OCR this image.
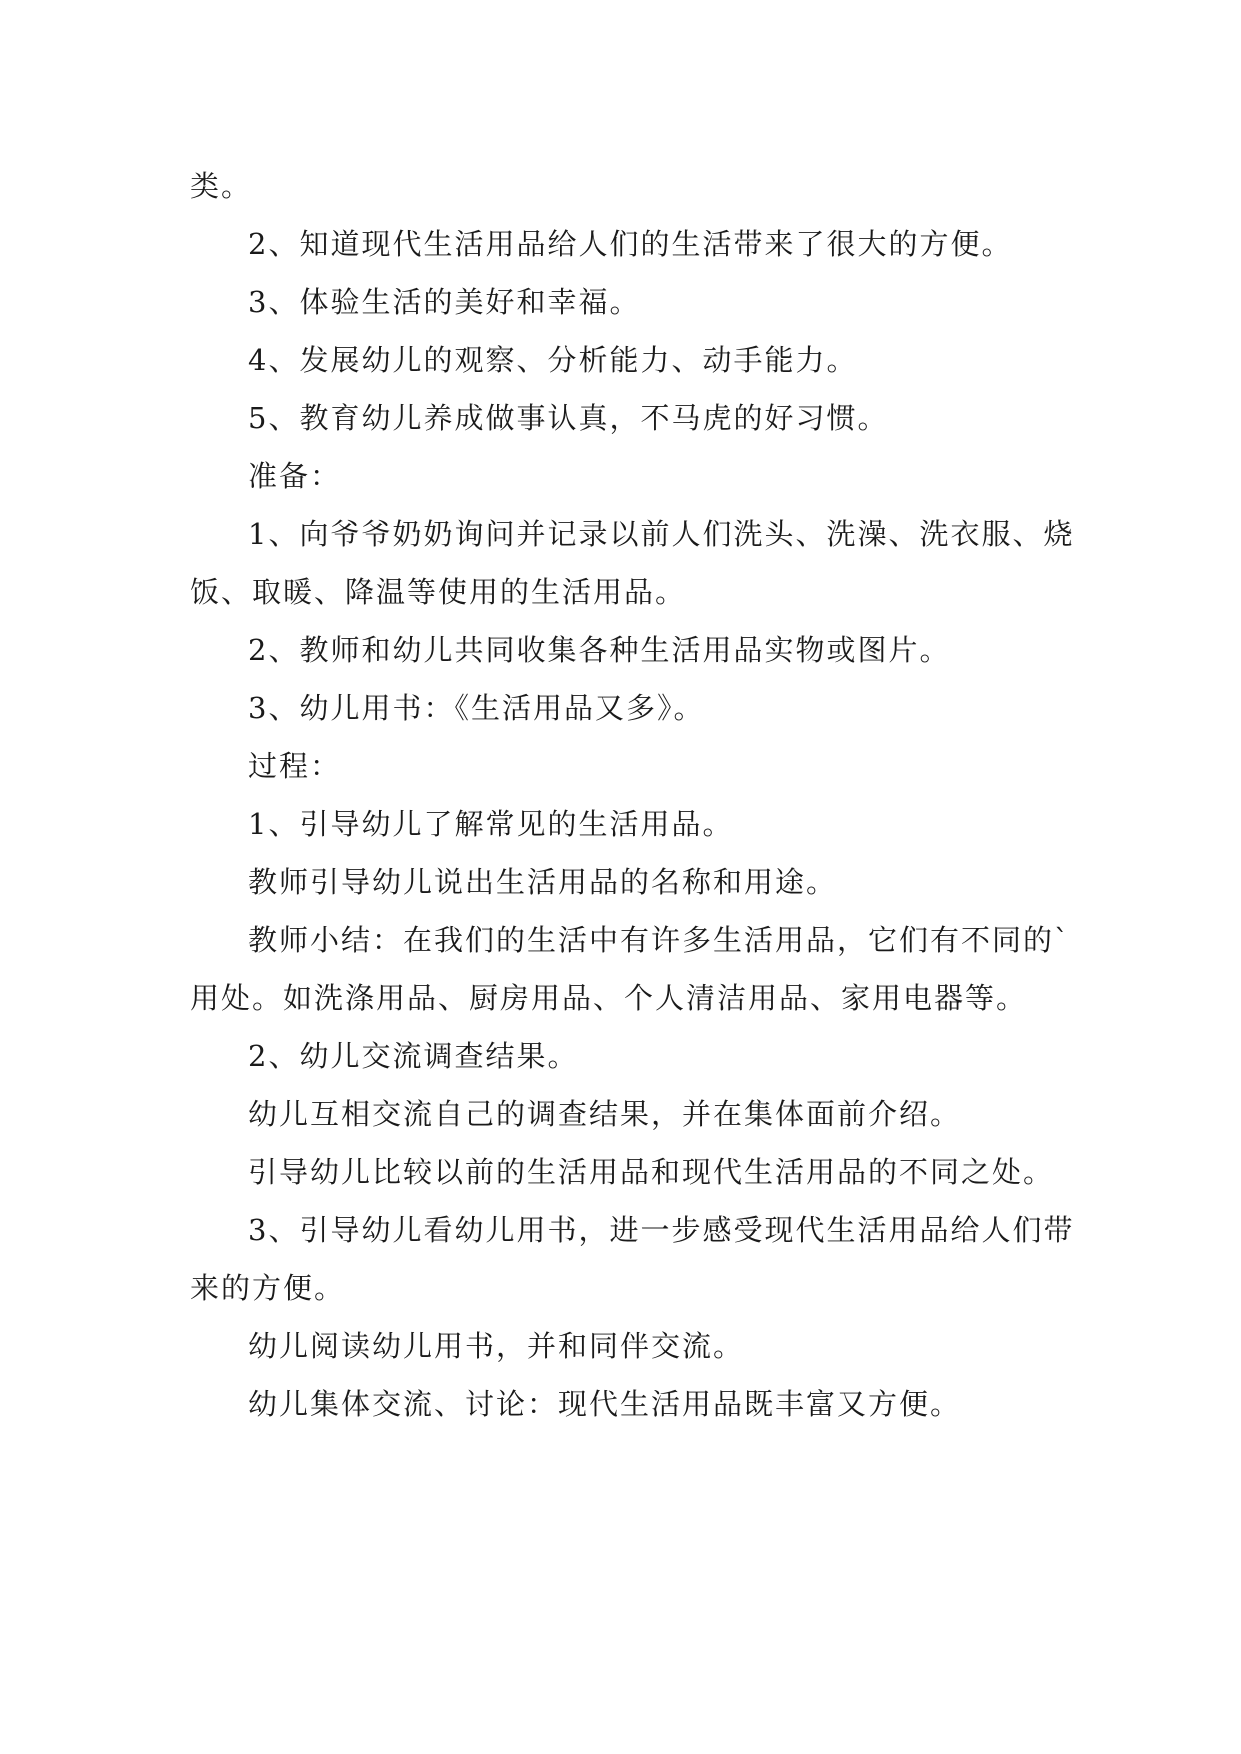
类。

2、知道现代生活用品给人们的生活带来了很大的方便。

3、体验生活的美好和幸福。

4、发展幼儿的观察、分析能力、动手能力。

5、教育幼儿养成做事认真，不马虎的好习惯。

准备：

1、向爷爷奶奶询问并记录以前人们洗头、洗澡、洗衣服、烧饭、取暖、降温等使用的生活用品。

2、教师和幼儿共同收集各种生活用品实物或图片。

3、幼儿用书：《生活用品又多》。

过程：

1、引导幼儿了解常见的生活用品。

教师引导幼儿说出生活用品的名称和用途。

教师小结：在我们的生活中有许多生活用品，它们有不同的`用处。如洗涤用品、厨房用品、个人清洁用品、家用电器等。

2、幼儿交流调查结果。

幼儿互相交流自己的调查结果，并在集体面前介绍。

引导幼儿比较以前的生活用品和现代生活用品的不同之处。

3、引导幼儿看幼儿用书，进一步感受现代生活用品给人们带来的方便。

幼儿阅读幼儿用书，并和同伴交流。

幼儿集体交流、讨论：现代生活用品既丰富又方便。
